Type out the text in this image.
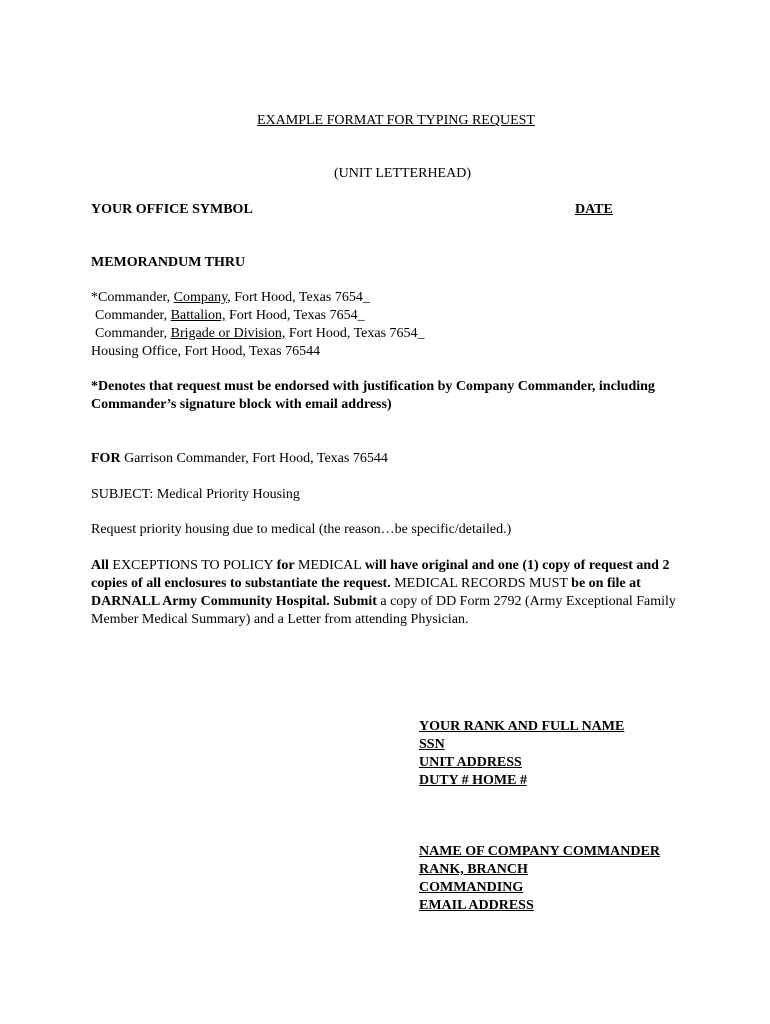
EXAMPLE FORMAT FOR TYPING REQUEST
(UNIT LETTERHEAD)
YOUR OFFICE SYMBOL	DATE
MEMORANDUM THRU
*Commander, Company, Fort Hood, Texas 7654_
Commander, Battalion, Fort Hood, Texas 7654_
Commander, Brigade or Division, Fort Hood, Texas 7654_
Housing Office, Fort Hood, Texas 76544
*Denotes that request must be endorsed with justification by Company Commander, including
Commander’s signature block with email address)
FOR Garrison Commander, Fort Hood, Texas 76544
SUBJECT: Medical Priority Housing
Request priority housing due to medical (the reason…be specific/detailed.)
All EXCEPTIONS TO POLICY for MEDICAL will have original and one (1) copy of request and 2
copies of all enclosures to substantiate the request. MEDICAL RECORDS MUST be on file at
DARNALL Army Community Hospital. Submit a copy of DD Form 2792 (Army Exceptional Family
Member Medical Summary) and a Letter from attending Physician.
YOUR RANK AND FULL NAME
SSN
UNIT ADDRESS
DUTY # HOME #
NAME OF COMPANY COMMANDER
RANK, BRANCH
COMMANDING
EMAIL ADDRESS
